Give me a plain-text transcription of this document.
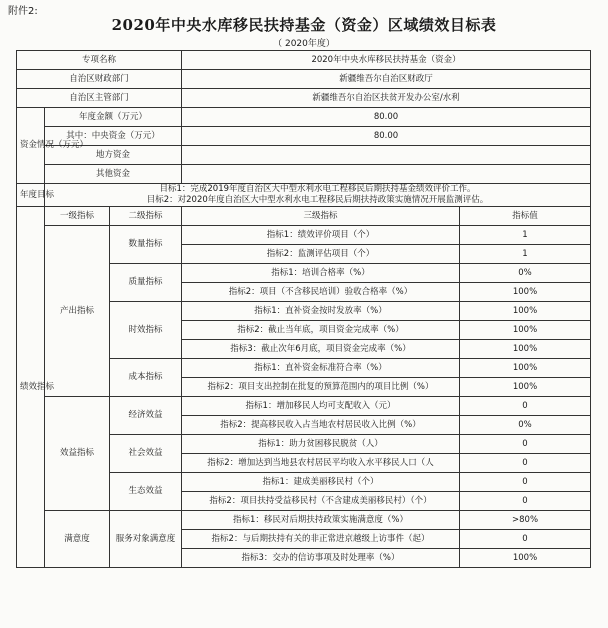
附件2:
2020年中央水库移民扶持基金（资金）区域绩效目标表
（ 2020年度）
专项名称			2020年中央水库移民扶持基金（资金）	
自治区财政部门			新疆维吾尔自治区财政厅	
自治区主管部门			新疆维吾尔自治区扶贫开发办公室/水利	
资金情况（万元）	年度金额（万元）		80.00	
	其中：中央资金（万元）		80.00	
	地方资金			
	其他资金			
年度目标	目标1：完成2019年度自治区大中型水利水电工程移民后期扶持基金绩效评价工作。
目标2：对2020年度自治区大中型水利水电工程移民后期扶持政策实施情况开展监测评估。			

绩效指标	一级指标	二级指标	三级指标	指标值
	产出指标	数量指标	指标1：绩效评价项目（个）	1
			指标2：监测评估项目（个）	1
		质量指标	指标1：培训合格率（%）	0%
			指标2：项目（不含移民培训）验收合格率（%）	100%
		时效指标	指标1：直补资金按时发放率（%）	100%
			指标2：截止当年底，项目资金完成率（%）	100%
			指标3：截止次年6月底，项目资金完成率（%）	100%
		成本指标	指标1：直补资金标准符合率（%）	100%
			指标2：项目支出控制在批复的预算范围内的项目比例（%）	100%
	效益指标	经济效益	指标1：增加移民人均可支配收入（元）	0
			指标2：提高移民收入占当地农村居民收入比例（%）	0%
		社会效益	指标1：助力贫困移民脱贫（人）	0
			指标2：增加达到当地县农村居民平均收入水平移民人口（人	0
		生态效益	指标1：建成美丽移民村（个）	0
			指标2：项目扶持受益移民村（不含建成美丽移民村）（个）	0
	满意度	服务对象满意度	指标1：移民对后期扶持政策实施满意度（%）	>80%
			指标2：与后期扶持有关的非正常进京越级上访事件（起）	0
			指标3：交办的信访事项及时处理率（%）	100%
